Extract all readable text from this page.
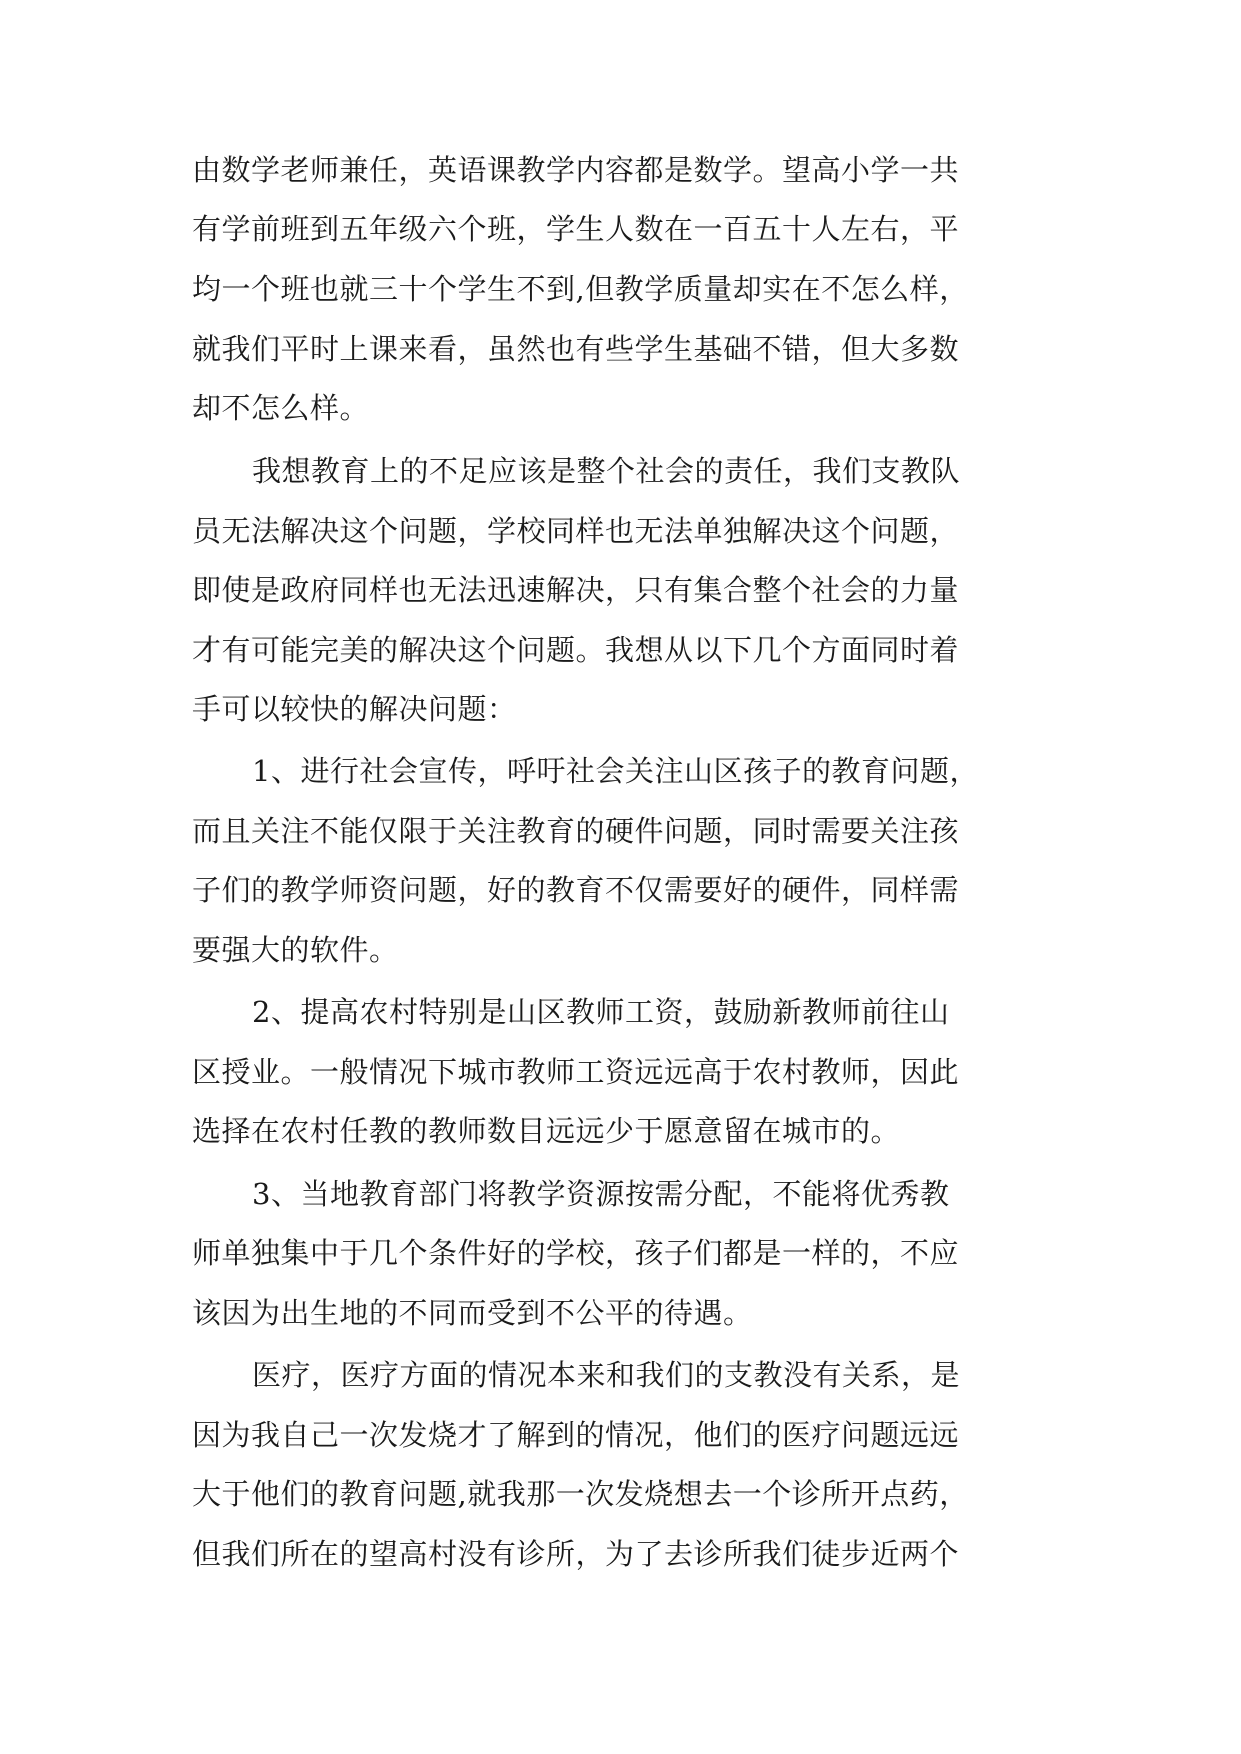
由数学老师兼任，英语课教学内容都是数学。望高小学一共
有学前班到五年级六个班，学生人数在一百五十人左右，平
均一个班也就三十个学生不到,但教学质量却实在不怎么样，
就我们平时上课来看，虽然也有些学生基础不错，但大多数
却不怎么样。
我想教育上的不足应该是整个社会的责任，我们支教队
员无法解决这个问题，学校同样也无法单独解决这个问题，
即使是政府同样也无法迅速解决，只有集合整个社会的力量
才有可能完美的解决这个问题。我想从以下几个方面同时着
手可以较快的解决问题：
1、进行社会宣传，呼吁社会关注山区孩子的教育问题，
而且关注不能仅限于关注教育的硬件问题，同时需要关注孩
子们的教学师资问题，好的教育不仅需要好的硬件，同样需
要强大的软件。
2、提高农村特别是山区教师工资，鼓励新教师前往山
区授业。一般情况下城市教师工资远远高于农村教师，因此
选择在农村任教的教师数目远远少于愿意留在城市的。
3、当地教育部门将教学资源按需分配，不能将优秀教
师单独集中于几个条件好的学校，孩子们都是一样的，不应
该因为出生地的不同而受到不公平的待遇。
医疗，医疗方面的情况本来和我们的支教没有关系，是
因为我自己一次发烧才了解到的情况，他们的医疗问题远远
大于他们的教育问题,就我那一次发烧想去一个诊所开点药，
但我们所在的望高村没有诊所，为了去诊所我们徒步近两个
